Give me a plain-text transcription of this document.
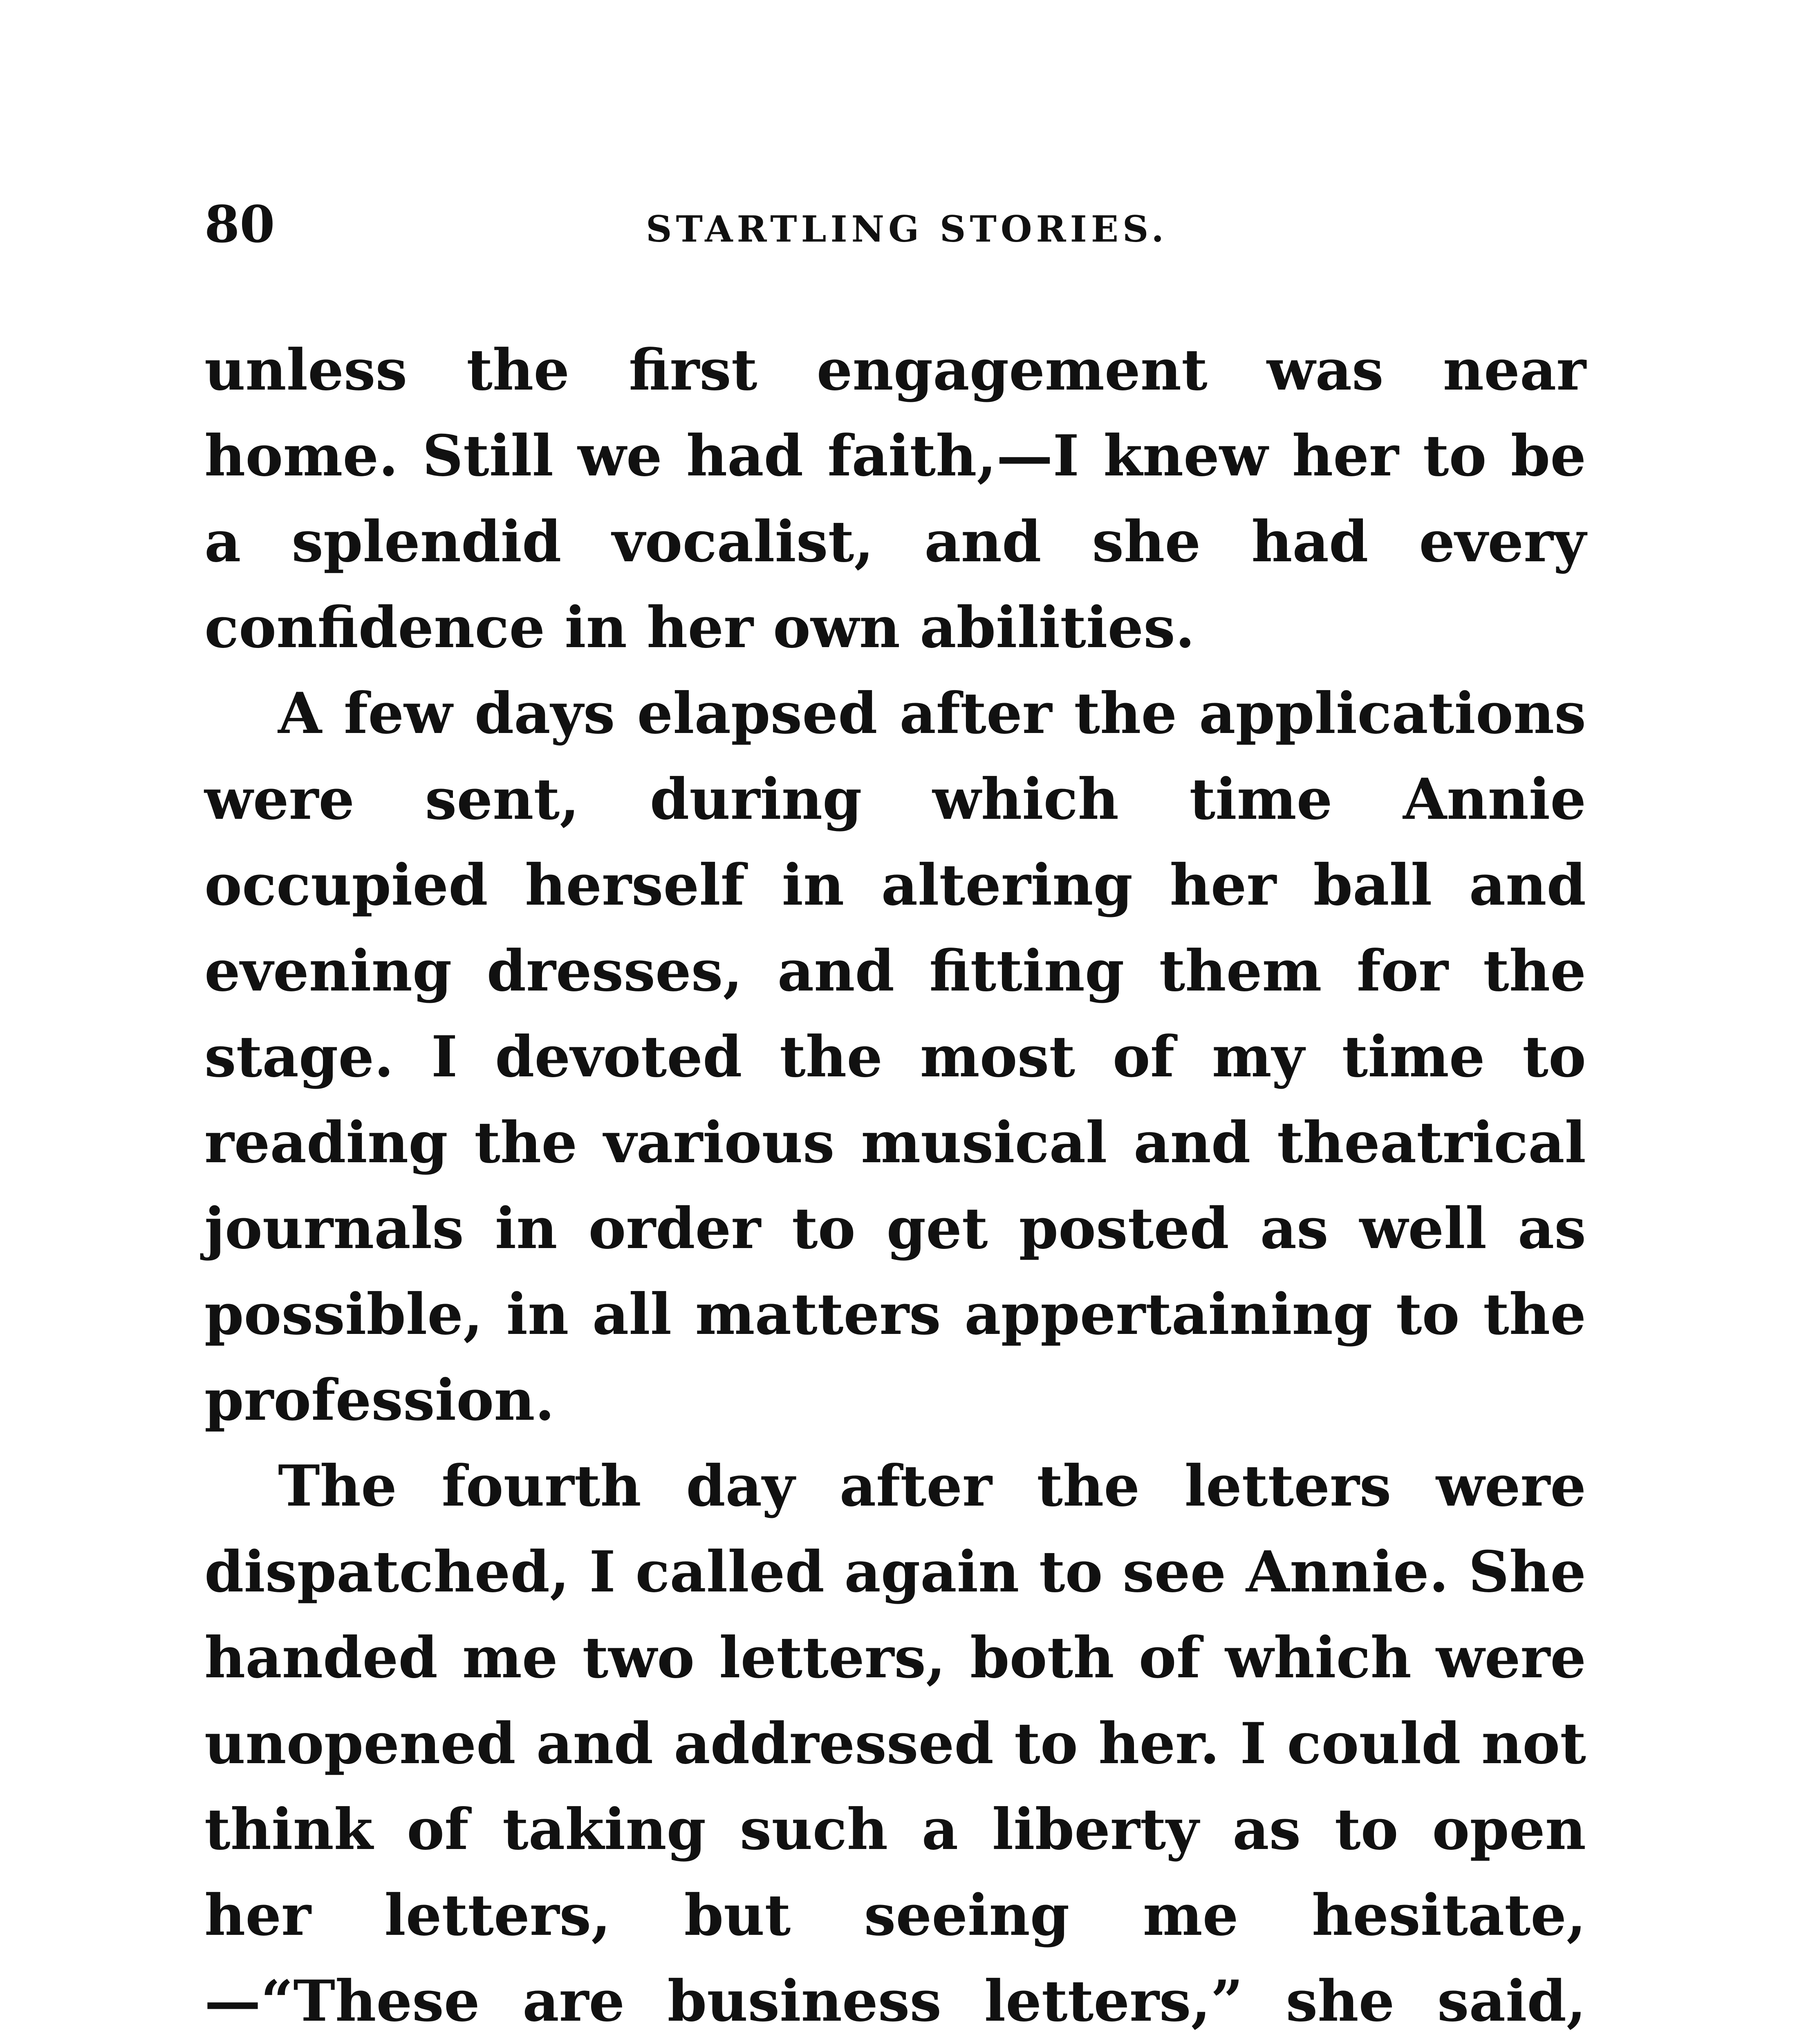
80	STARTLING STORIES.

unless the first engagement was near home. Still we had faith,—I knew her to be a splendid vocalist, and she had every confidence in her own abilities.

A few days elapsed after the applications were sent, during which time Annie occupied herself in altering her ball and evening dresses, and fitting them for the stage. I devoted the most of my time to reading the various musical and theatrical journals in order to get posted as well as possible, in all matters appertaining to the profession.

The fourth day after the letters were dispatched, I called again to see Annie. She handed me two letters, both of which were unopened and addressed to her. I could not think of taking such a liberty as to open her letters, but seeing me hesitate,—“These are business letters,” she said,
